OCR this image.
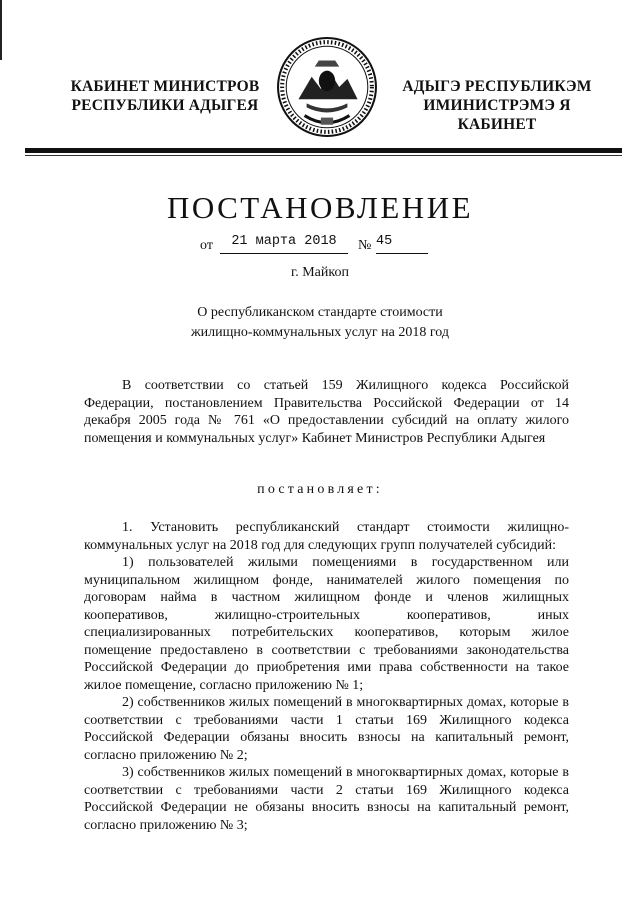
КАБИНЕТ МИНИСТРОВ
РЕСПУБЛИКИ АДЫГЕЯ
АДЫГЭ РЕСПУБЛИКЭМ
ИМИНИСТРЭМЭ Я КАБИНЕТ
ПОСТАНОВЛЕНИЕ
от	21 марта 2018	№ 45
г. Майкоп
О республиканском стандарте стоимости
жилищно-коммунальных услуг на 2018 год

В соответствии со статьей 159 Жилищного кодекса Российской Федерации, постановлением Правительства Российской Федерации от 14 декабря 2005 года № 761 «О предоставлении субсидий на оплату жилого помещения и коммунальных услуг» Кабинет Министров Республики Адыгея

постановляет:

1. Установить республиканский стандарт стоимости жилищно-коммунальных услуг на 2018 год для следующих групп получателей субсидий:

1) пользователей жилыми помещениями в государственном или муниципальном жилищном фонде, нанимателей жилого помещения по договорам найма в частном жилищном фонде и членов жилищных кооперативов, жилищно-строительных кооперативов, иных специализированных потребительских кооперативов, которым жилое помещение предоставлено в соответствии с требованиями законодательства Российской Федерации до приобретения ими права собственности на такое жилое помещение, согласно приложению № 1;

2) собственников жилых помещений в многоквартирных домах, которые в соответствии с требованиями части 1 статьи 169 Жилищного кодекса Российской Федерации обязаны вносить взносы на капитальный ремонт, согласно приложению № 2;

3) собственников жилых помещений в многоквартирных домах, которые в соответствии с требованиями части 2 статьи 169 Жилищного кодекса Российской Федерации не обязаны вносить взносы на капитальный ремонт, согласно приложению № 3;
